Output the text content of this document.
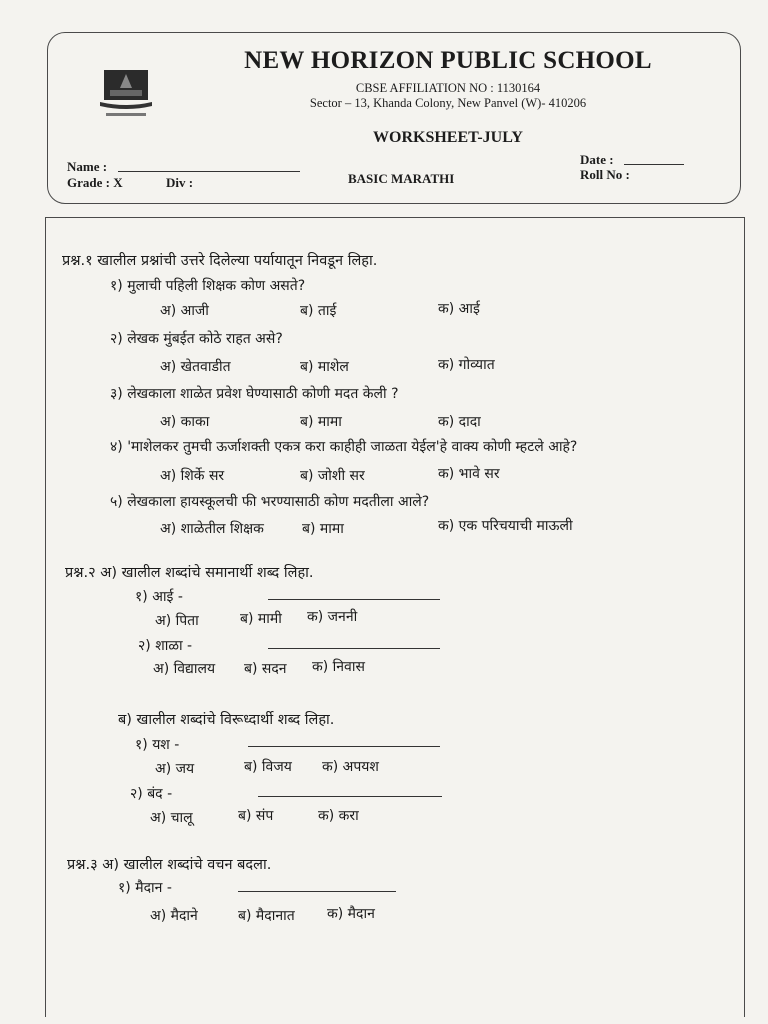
NEW HORIZON PUBLIC SCHOOL
CBSE AFFILIATION NO : 1130164
Sector – 13, Khanda Colony, New Panvel (W)- 410206
WORKSHEET-JULY
Name :
Grade : X	Div :	BASIC MARATHI
Date :
Roll No :
प्रश्न.१ खालील प्रश्नांची उत्तरे दिलेल्या पर्यायातून निवडून लिहा.
१) मुलाची पहिली शिक्षक कोण असते?
अ) आजी	ब) ताई	क) आई
२) लेखक मुंबईत कोठे राहत असे?
अ) खेतवाडीत	ब) माशेल	क) गोव्यात
३) लेखकाला शाळेत प्रवेश घेण्यासाठी कोणी मदत केली ?
अ) काका	ब) मामा	क) दादा
४) 'माशेलकर तुमची ऊर्जाशक्ती एकत्र करा काहीही जाळता येईल'हे वाक्य कोणी म्हटले आहे?
अ) शिर्के सर	ब) जोशी सर	क) भावे सर
५) लेखकाला हायस्कूलची फी भरण्यासाठी कोण मदतीला आले?
अ) शाळेतील शिक्षक	ब) मामा	क) एक परिचयाची माऊली
प्रश्न.२ अ) खालील शब्दांचे समानार्थी शब्द लिहा.
१) आई -
अ) पिता	ब) मामी क) जननी
२) शाळा -
अ) विद्यालय ब) सदन क) निवास
ब) खालील शब्दांचे विरूध्दार्थी शब्द लिहा.
१) यश -
अ) जय	ब) विजय क) अपयश
२) बंद -
अ) चालू	ब) संप	क) करा
प्रश्न.३ अ) खालील शब्दांचे वचन बदला.
१) मैदान -
अ) मैदाने	ब) मैदानात क) मैदान
